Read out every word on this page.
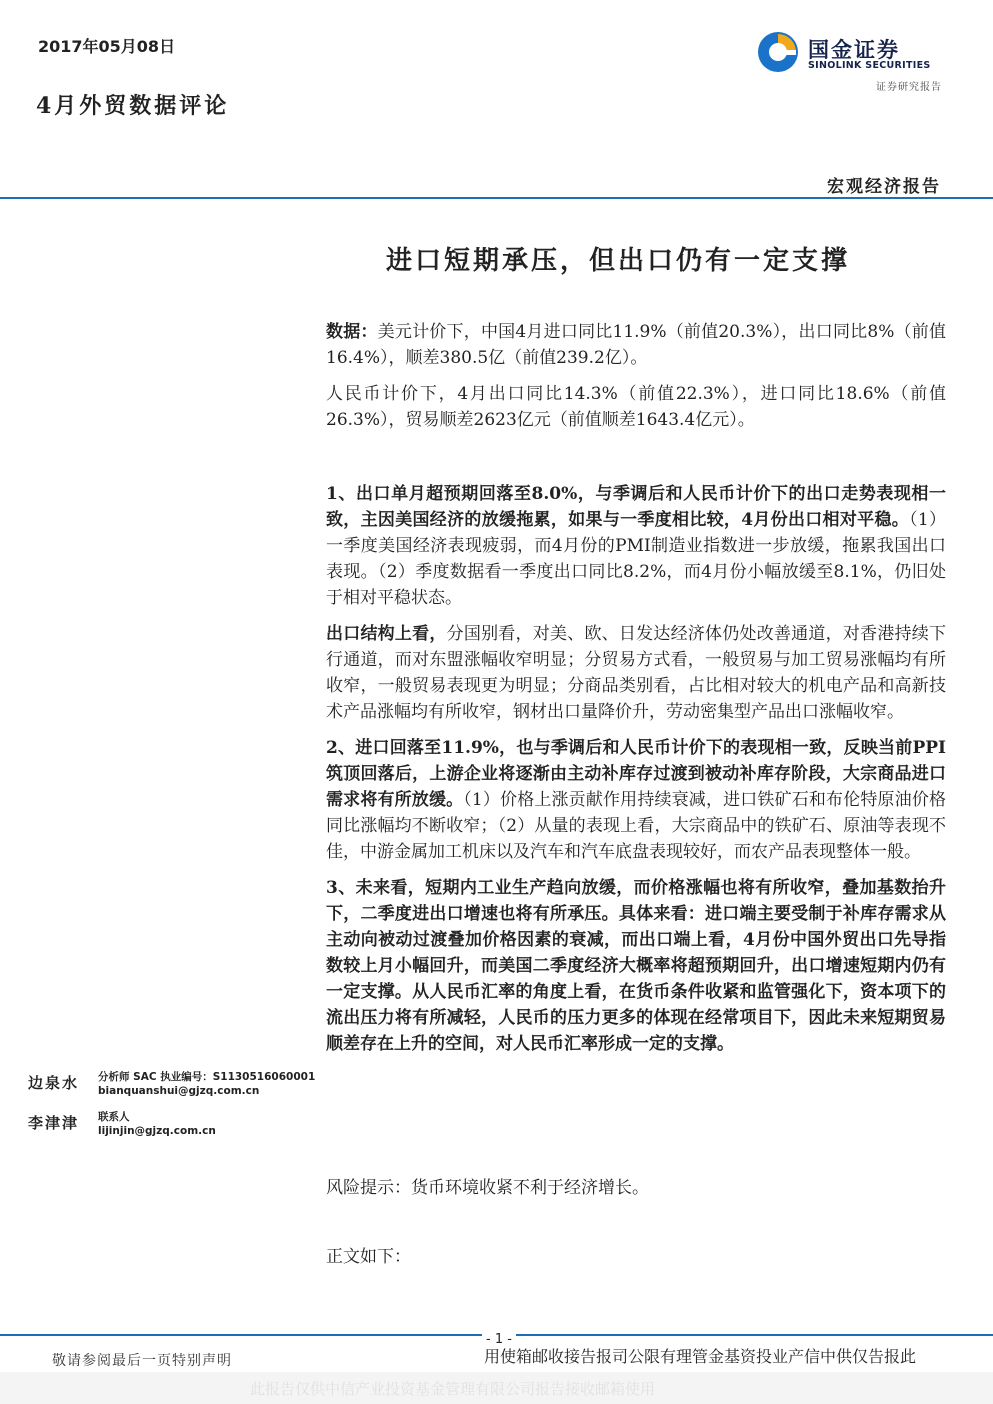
2017年05月08日
4月外贸数据评论
国金证券
SINOLINK SECURITIES
证券研究报告
宏观经济报告
进口短期承压，但出口仍有一定支撑

数据：美元计价下，中国4月进口同比11.9%（前值20.3%），出口同比8%（前值16.4%），顺差380.5亿（前值239.2亿）。

人民币计价下，4月出口同比14.3%（前值22.3%），进口同比18.6%（前值26.3%），贸易顺差2623亿元（前值顺差1643.4亿元）。

1、出口单月超预期回落至8.0%，与季调后和人民币计价下的出口走势表现相一致，主因美国经济的放缓拖累，如果与一季度相比较，4月份出口相对平稳。（1）一季度美国经济表现疲弱，而4月份的PMI制造业指数进一步放缓，拖累我国出口表现。（2）季度数据看一季度出口同比8.2%，而4月份小幅放缓至8.1%，仍旧处于相对平稳状态。

出口结构上看，分国别看，对美、欧、日发达经济体仍处改善通道，对香港持续下行通道，而对东盟涨幅收窄明显；分贸易方式看，一般贸易与加工贸易涨幅均有所收窄，一般贸易表现更为明显；分商品类别看，占比相对较大的机电产品和高新技术产品涨幅均有所收窄，钢材出口量降价升，劳动密集型产品出口涨幅收窄。

2、进口回落至11.9%，也与季调后和人民币计价下的表现相一致，反映当前PPI筑顶回落后，上游企业将逐渐由主动补库存过渡到被动补库存阶段，大宗商品进口需求将有所放缓。（1）价格上涨贡献作用持续衰减，进口铁矿石和布伦特原油价格同比涨幅均不断收窄；（2）从量的表现上看，大宗商品中的铁矿石、原油等表现不佳，中游金属加工机床以及汽车和汽车底盘表现较好，而农产品表现整体一般。

3、未来看，短期内工业生产趋向放缓，而价格涨幅也将有所收窄，叠加基数抬升下，二季度进出口增速也将有所承压。具体来看：进口端主要受制于补库存需求从主动向被动过渡叠加价格因素的衰减，而出口端上看，4月份中国外贸出口先导指数较上月小幅回升，而美国二季度经济大概率将超预期回升，出口增速短期内仍有一定支撑。从人民币汇率的角度上看，在货币条件收紧和监管强化下，资本项下的流出压力将有所减轻，人民币的压力更多的体现在经常项目下，因此未来短期贸易顺差存在上升的空间，对人民币汇率形成一定的支撑。

边泉水	分析师 SAC 执业编号：S1130516060001
bianquanshui@gjzq.com.cn
李津津	联系人
lijinjin@gjzq.com.cn
风险提示：货币环境收紧不利于经济增长。
正文如下：
- 1 -
敬请参阅最后一页特别声明	用使箱邮收接告报司公限有理管金基资投业产信中供仅告报此
此报告仅供中信产业投资基金管理有限公司报告接收邮箱使用
